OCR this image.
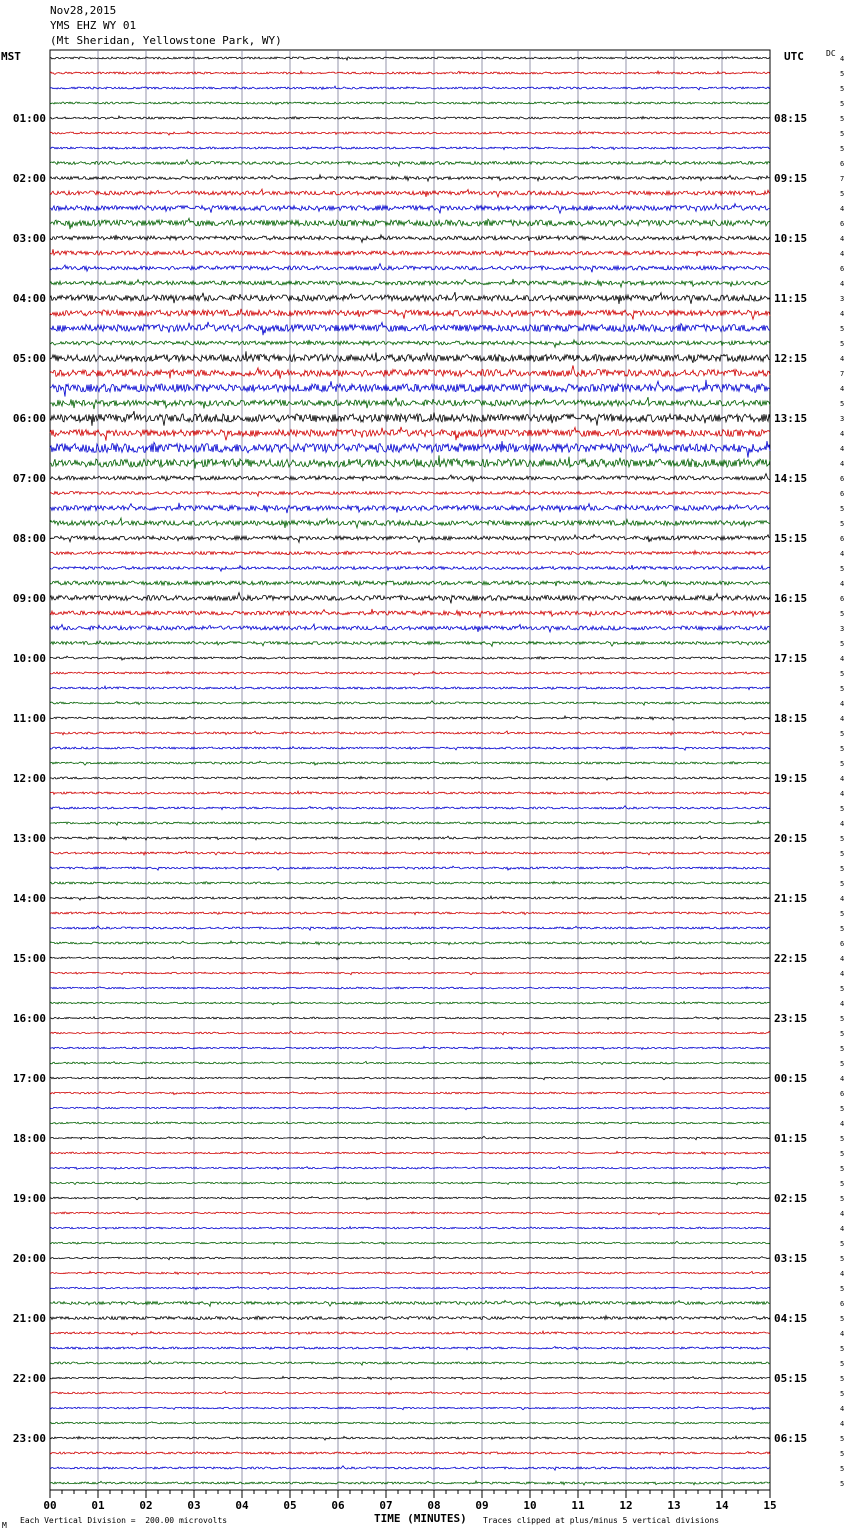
Nov28,2015
YMS EHZ WY 01
(Mt Sheridan, Yellowstone Park, WY)
MST	UTC	DC
4
5
5
5
5
5
5
6
7
5
4
6
4
4
6
4
3
4
5
5
4
7
4
5
3
4
4
4
6
6
5
5
6
4
5
4
6
5
3
5
4
5
5
4
4
5
5
5
4
4
5
4
5
5
5
5
4
5
5
6
4
4
5
4
5
5
5
5
4
6
5
4
5
5
5
5
5
4
4
5
5
4
5
6
5
4
5
5
5
5
4
4
5
5
5
5
01:00	08:15
02:00	09:15
03:00	10:15
04:00	11:15
05:00	12:15
06:00	13:15
07:00	14:15
08:00	15:15
09:00	16:15
10:00	17:15
11:00	18:15
12:00	19:15
13:00	20:15
14:00	21:15
15:00	22:15
16:00	23:15
17:00	00:15
18:00	01:15
19:00	02:15
20:00	03:15
21:00	04:15
22:00	05:15
23:00	06:15
00	01	02	03	04	05	06	07	08	09	10	11	12	13	14	15
M
Each Vertical Division =  200.00 microvolts	TIME (MINUTES) Traces clipped at plus/minus 5 vertical divisions
